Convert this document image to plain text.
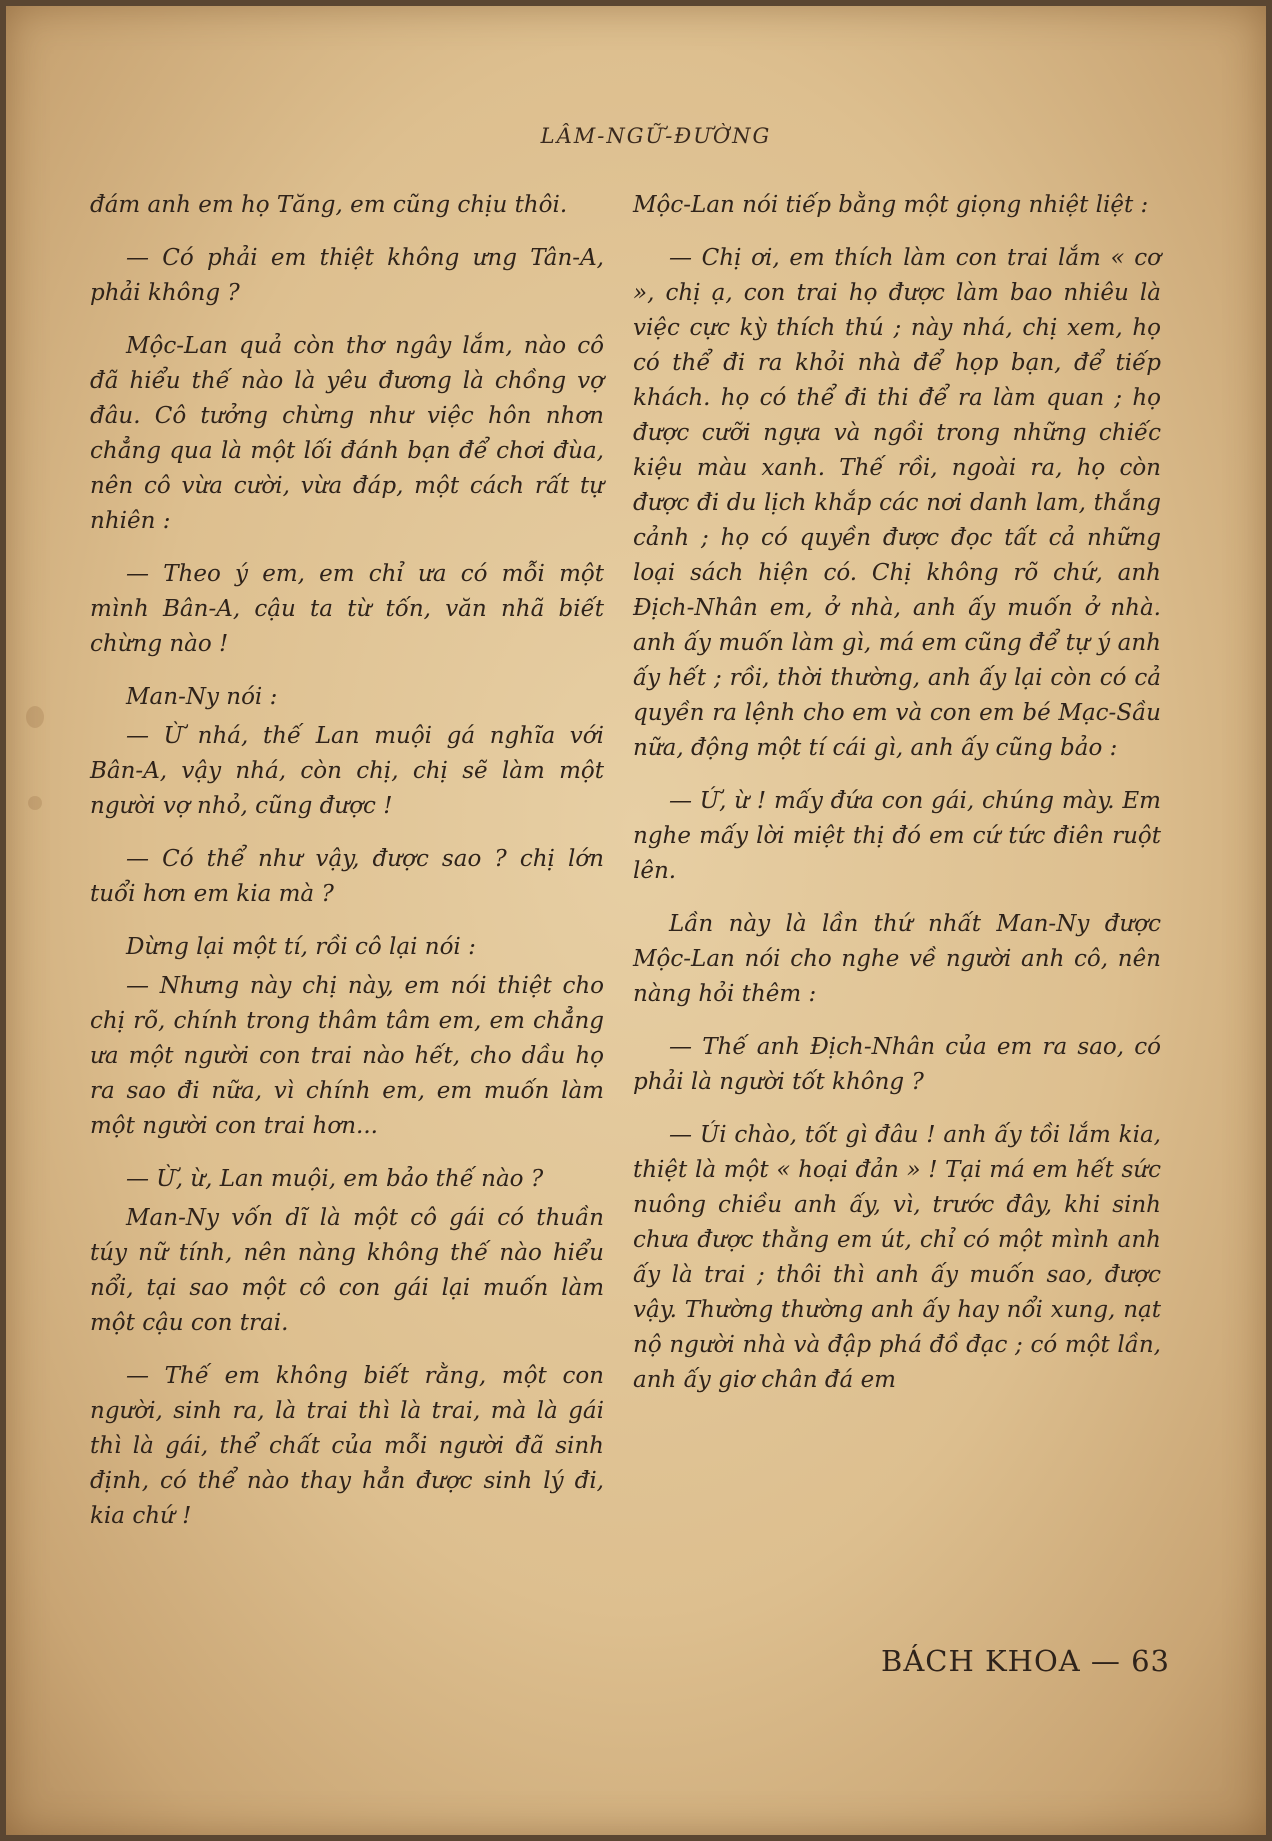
LÂM-NGỮ-ĐƯỜNG

đám anh em họ Tăng, em cũng chịu thôi.

— Có phải em thiệt không ưng Tân-A, phải không ?

Mộc-Lan quả còn thơ ngây lắm, nào cô đã hiểu thế nào là yêu đương là chồng vợ đâu. Cô tưởng chừng như việc hôn nhơn chẳng qua là một lối đánh bạn để chơi đùa, nên cô vừa cười, vừa đáp, một cách rất tự nhiên :

— Theo ý em, em chỉ ưa có mỗi một mình Bân-A, cậu ta từ tốn, văn nhã biết chừng nào !

Man-Ny nói :

— Ừ nhá, thế Lan muội gá nghĩa với Bân-A, vậy nhá, còn chị, chị sẽ làm một người vợ nhỏ, cũng được !

— Có thể như vậy, được sao ? chị lớn tuổi hơn em kia mà ?

Dừng lại một tí, rồi cô lại nói :

— Nhưng này chị này, em nói thiệt cho chị rõ, chính trong thâm tâm em, em chẳng ưa một người con trai nào hết, cho dầu họ ra sao đi nữa, vì chính em, em muốn làm một người con trai hơn...

— Ừ, ừ, Lan muội, em bảo thế nào ?

Man-Ny vốn dĩ là một cô gái có thuần túy nữ tính, nên nàng không thế nào hiểu nổi, tại sao một cô con gái lại muốn làm một cậu con trai.

— Thế em không biết rằng, một con người, sinh ra, là trai thì là trai, mà là gái thì là gái, thể chất của mỗi người đã sinh định, có thể nào thay hẳn được sinh lý đi, kia chứ !

Mộc-Lan nói tiếp bằng một giọng nhiệt liệt :

— Chị ơi, em thích làm con trai lắm « cơ », chị ạ, con trai họ được làm bao nhiêu là việc cực kỳ thích thú ; này nhá, chị xem, họ có thể đi ra khỏi nhà để họp bạn, để tiếp khách. họ có thể đi thi để ra làm quan ; họ được cưỡi ngựa và ngồi trong những chiếc kiệu màu xanh. Thế rồi, ngoài ra, họ còn được đi du lịch khắp các nơi danh lam, thắng cảnh ; họ có quyền được đọc tất cả những loại sách hiện có. Chị không rõ chứ, anh Địch-Nhân em, ở nhà, anh ấy muốn ở nhà. anh ấy muốn làm gì, má em cũng để tự ý anh ấy hết ; rồi, thời thường, anh ấy lại còn có cả quyền ra lệnh cho em và con em bé Mạc-Sầu nữa, động một tí cái gì, anh ấy cũng bảo :

— Ứ, ừ ! mấy đứa con gái, chúng mày. Em nghe mấy lời miệt thị đó em cứ tức điên ruột lên.

Lần này là lần thứ nhất Man-Ny được Mộc-Lan nói cho nghe về người anh cô, nên nàng hỏi thêm :

— Thế anh Địch-Nhân của em ra sao, có phải là người tốt không ?

— Úi chào, tốt gì đâu ! anh ấy tồi lắm kia, thiệt là một « hoại đản » ! Tại má em hết sức nuông chiều anh ấy, vì, trước đây, khi sinh chưa được thằng em út, chỉ có một mình anh ấy là trai ; thôi thì anh ấy muốn sao, được vậy. Thường thường anh ấy hay nổi xung, nạt nộ người nhà và đập phá đồ đạc ; có một lần, anh ấy giơ chân đá em

BÁCH KHOA — 63
